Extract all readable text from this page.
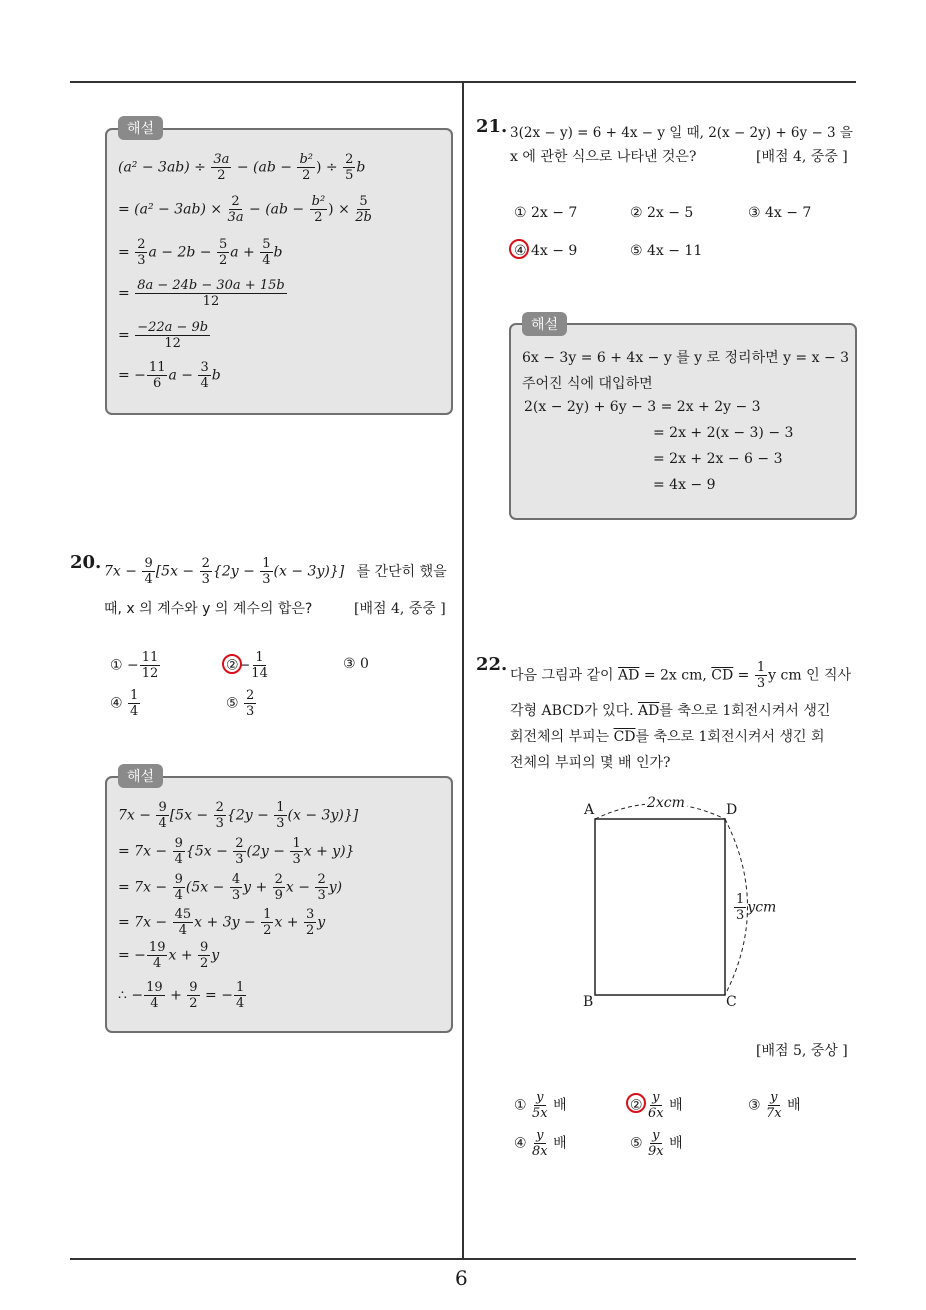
6
해설
$(a^2 - 3ab) \div \frac{3a}{2} - (ab - \frac{\text{b²}}{2}$ ) ÷ $\frac{2}{5}$ b
= $(a^2 - 3ab) \times \frac{2}{3a} - (ab - \frac{\text{b²}}{2}$ ) × $\frac{5}{2b}$
= $\frac{2}{3}$ $a - 2b - \frac{5}{2}$ $a + \frac{5}{4}$ b
= $\frac{8a - 24b - 30a + 15b}{12}$
= $\frac{-22a - 9b}{12}$
= − $\frac{11}{6}$ $a - \frac{3}{4}$ b
20. $7x - \frac{9}{4} [5x - \frac{2}{3} \{2y - \frac{1}{3} (x - 3y)\}]$ 를 간단히 했을
때, x 의 계수와 y 의 계수의 합은?	[배점 4, 중중 ]
① − $\frac{11}{12}$	②− $\frac{1}{14}$	③ 0
④ $\frac{1}{4}$	⑤ $\frac{2}{3}$
해설
$7x - \frac{9}{4} [5x - \frac{2}{3} \{2y - \frac{1}{3} (x - 3y)\}]$
= $7x - \frac{9}{4} \{5x - \frac{2}{3} (2y - \frac{1}{3}$ x + y)}
= $7x - \frac{9}{4} (5x - \frac{4}{3}$ $y + \frac{2}{9}$ $x - \frac{2}{3} y$)
= $7x - \frac{45}{4}$ $x + 3y - \frac{1}{2}$ $x + \frac{3}{2}$ y
= − $\frac{19}{4}$ $x + \frac{9}{2}$ y
∴ − $\frac{19}{4} + \frac{9}{2}$ = − $\frac{1}{4}$
21. 3(2x − y) = 6 + 4x − y 일 때, 2(x − 2y) + 6y − 3 을
x 에 관한 식으로 나타낸 것은?	[배점 4, 중중 ]
① 2x − 7	② 2x − 5	③ 4x − 7
④ 4x − 9	⑤ 4x − 11
해설
6x − 3y = 6 + 4x − y 를 y 로 정리하면 y = x − 3
주어진 식에 대입하면
2(x − 2y) + 6y − 3 = 2x + 2y − 3
= 2x + 2(x − 3) − 3
= 2x + 2x − 6 − 3
= 4x − 9
22.
다음 그림과 같이 $\overline{AD} = 2x$ cm, $\overline{CD} = \frac{1}{3}$ y cm 인 직사
각형 ABCD가 있다. $\overline{AD}$를 축으로 1회전시켜서 생긴
회전체의 부피는 $\overline{CD}$를 축으로 1회전시켜서 생긴 회
전체의 부피의 몇 배 인가?
A	D
B	C
2xcm
$\frac{1}{3}$ ycm
[배점 5, 중상 ]
① $\frac{y}{5x}$ 배	② $\frac{y}{6x}$ 배	③ $\frac{y}{7x}$ 배
④ $\frac{y}{8x}$ 배	⑤ $\frac{y}{9x}$ 배
